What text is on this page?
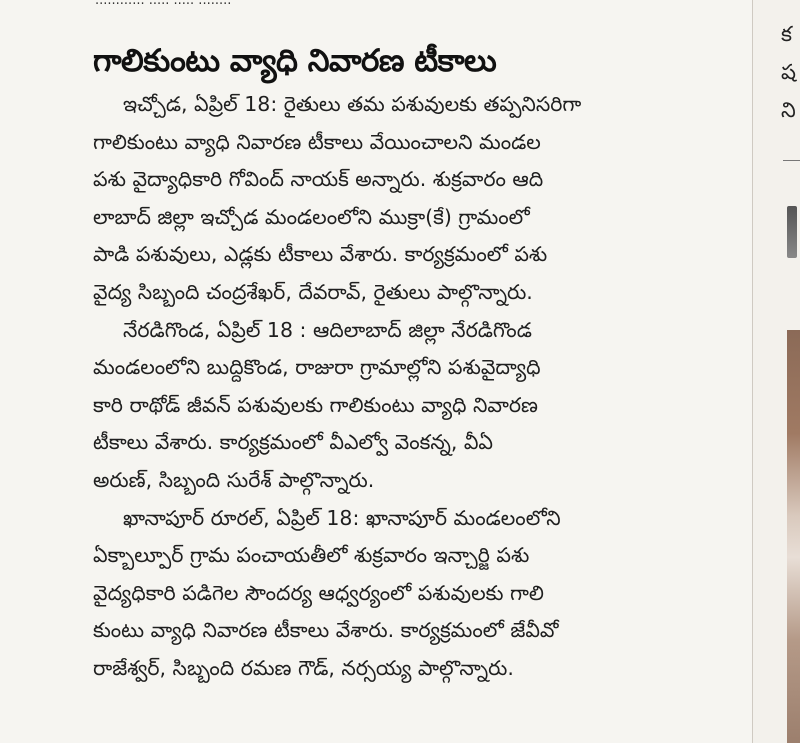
గాలికుంటు వ్యాధి నివారణ టీకాలు
ఇచ్చోడ, ఏప్రిల్ 18: రైతులు తమ పశువులకు తప్పనిసరిగా
గాలికుంటు వ్యాధి నివారణ టీకాలు వేయించాలని మండల
పశు వైద్యాధికారి గోవింద్ నాయక్ అన్నారు. శుక్రవారం ఆది
లాబాద్ జిల్లా ఇచ్చోడ మండలంలోని ముక్రా(కే) గ్రామంలో
పాడి పశువులు, ఎడ్లకు టీకాలు వేశారు. కార్యక్రమంలో పశు
వైద్య సిబ్బంది చంద్రశేఖర్, దేవరావ్, రైతులు పాల్గొన్నారు.
నేరడిగొండ, ఏప్రిల్ 18 : ఆదిలాబాద్ జిల్లా నేరడిగొండ
మండలంలోని బుద్దికొండ, రాజురా గ్రామాల్లోని పశువైద్యాధి
కారి రాథోడ్ జీవన్ పశువులకు గాలికుంటు వ్యాధి నివారణ
టీకాలు వేశారు. కార్యక్రమంలో వీఎల్వో వెంకన్న, వీఏ
అరుణ్, సిబ్బంది సురేశ్ పాల్గొన్నారు.
ఖానాపూర్ రూరల్, ఏప్రిల్ 18: ఖానాపూర్ మండలంలోని
ఏక్బాల్పూర్ గ్రామ పంచాయతీలో శుక్రవారం ఇన్చార్జి పశు
వైద్యధికారి పడిగెల సౌందర్య ఆధ్వర్యంలో పశువులకు గాలి
కుంటు వ్యాధి నివారణ టీకాలు వేశారు. కార్యక్రమంలో జేవీవో
రాజేశ్వర్, సిబ్బంది రమణ గౌడ్, నర్సయ్య పాల్గొన్నారు.
క
ష
ని
